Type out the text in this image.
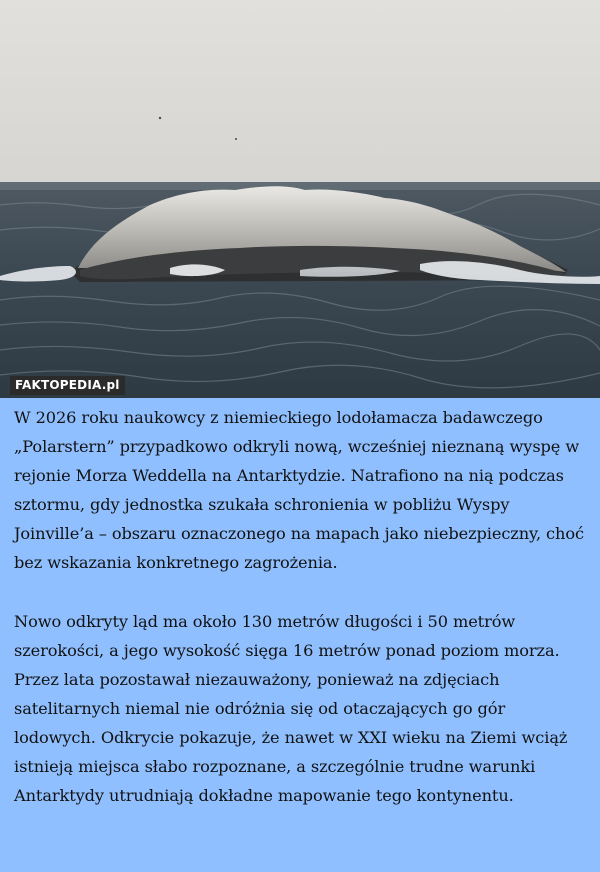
FAKTOPEDIA.pl

W 2026 roku naukowcy z niemieckiego lodołamacza badawczego „Polarstern” przypadkowo odkryli nową, wcześniej nieznaną wyspę w rejonie Morza Weddella na Antarktydzie. Natrafiono na nią podczas sztormu, gdy jednostka szukała schronienia w pobliżu Wyspy Joinville’a – obszaru oznaczonego na mapach jako niebezpieczny, choć bez wskazania konkretnego zagrożenia.

Nowo odkryty ląd ma około 130 metrów długości i 50 metrów szerokości, a jego wysokość sięga 16 metrów ponad poziom morza. Przez lata pozostawał niezauważony, ponieważ na zdjęciach satelitarnych niemal nie odróżnia się od otaczających go gór lodowych. Odkrycie pokazuje, że nawet w XXI wieku na Ziemi wciąż istnieją miejsca słabo rozpoznane, a szczególnie trudne warunki Antarktydy utrudniają dokładne mapowanie tego kontynentu.
